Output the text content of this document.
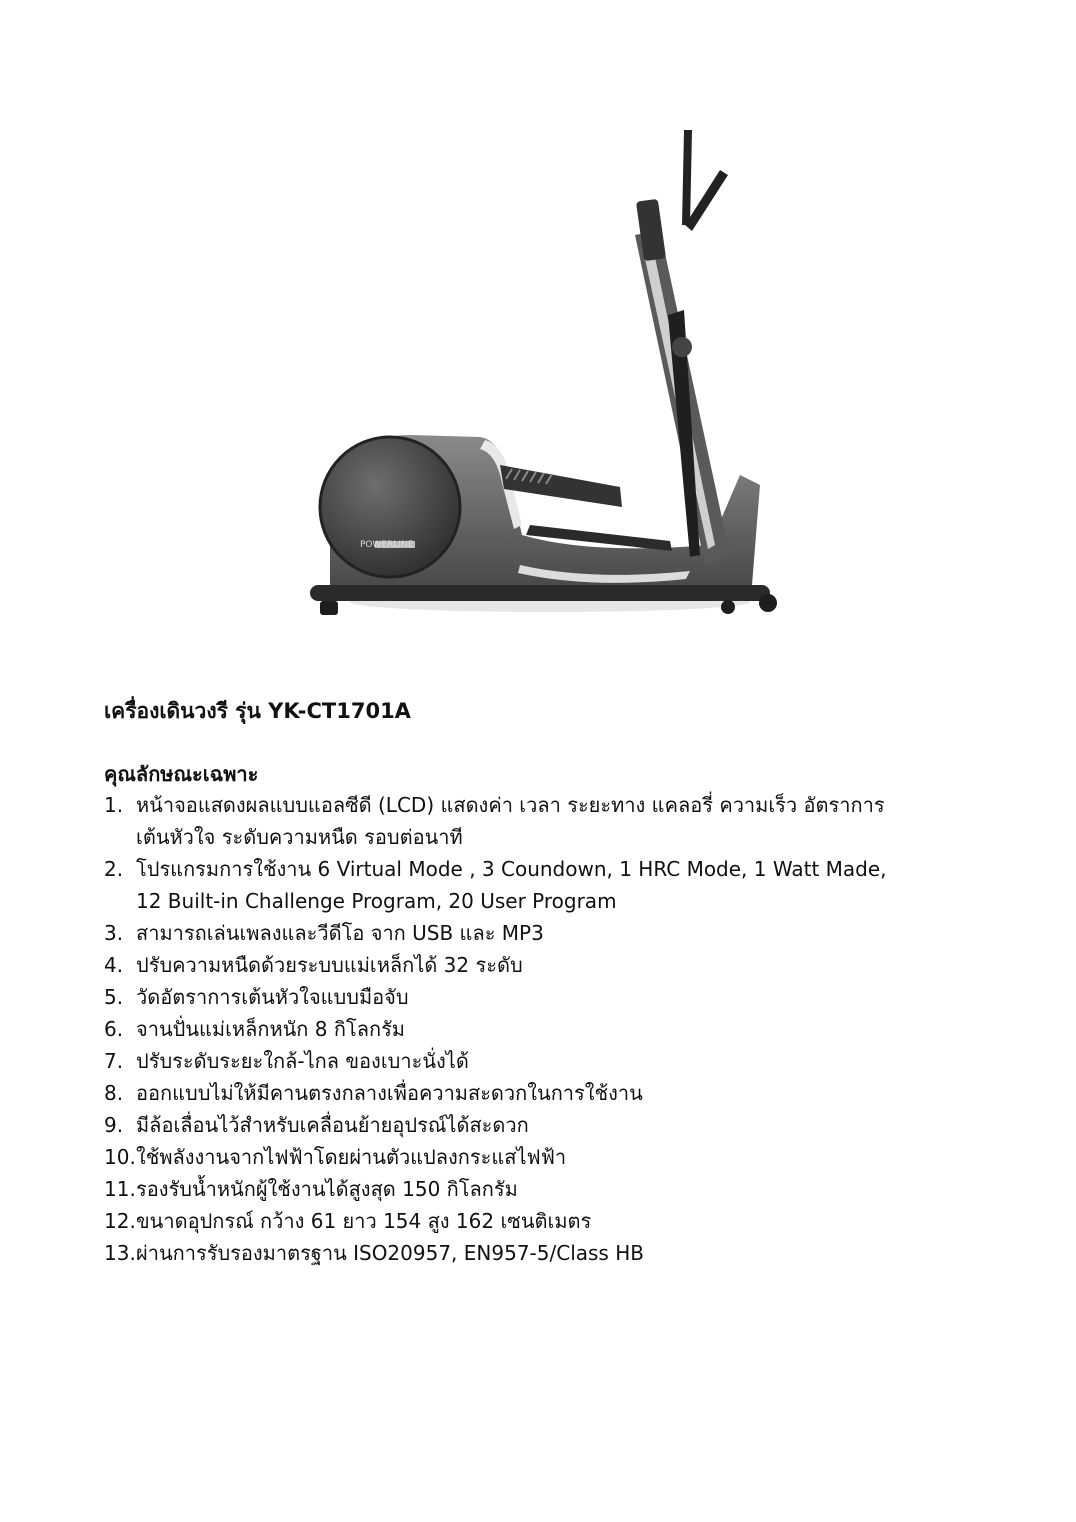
POWERLINE
เครื่องเดินวงรี รุ่น YK-CT1701A
คุณลักษณะเฉพาะ
1. หน้าจอแสดงผลแบบแอลซีดี (LCD) แสดงค่า เวลา ระยะทาง แคลอรี่ ความเร็ว อัตราการ
เต้นหัวใจ ระดับความหนืด รอบต่อนาที
2. โปรแกรมการใช้งาน 6 Virtual Mode , 3 Coundown, 1 HRC Mode, 1 Watt Made,
12 Built-in Challenge Program, 20 User Program
3. สามารถเล่นเพลงและวีดีโอ จาก USB และ MP3
4. ปรับความหนืดด้วยระบบแม่เหล็กได้ 32 ระดับ
5. วัดอัตราการเต้นหัวใจแบบมือจับ
6. จานปั่นแม่เหล็กหนัก 8 กิโลกรัม
7. ปรับระดับระยะใกล้-ไกล ของเบาะนั่งได้
8. ออกแบบไม่ให้มีคานตรงกลางเพื่อความสะดวกในการใช้งาน
9. มีล้อเลื่อนไว้สำหรับเคลื่อนย้ายอุปรณ์ได้สะดวก
10. ใช้พลังงานจากไฟฟ้าโดยผ่านตัวแปลงกระแสไฟฟ้า
11. รองรับน้ำหนักผู้ใช้งานได้สูงสุด 150 กิโลกรัม
12. ขนาดอุปกรณ์ กว้าง 61 ยาว 154 สูง 162 เซนติเมตร
13. ผ่านการรับรองมาตรฐาน ISO20957, EN957-5/Class HB
